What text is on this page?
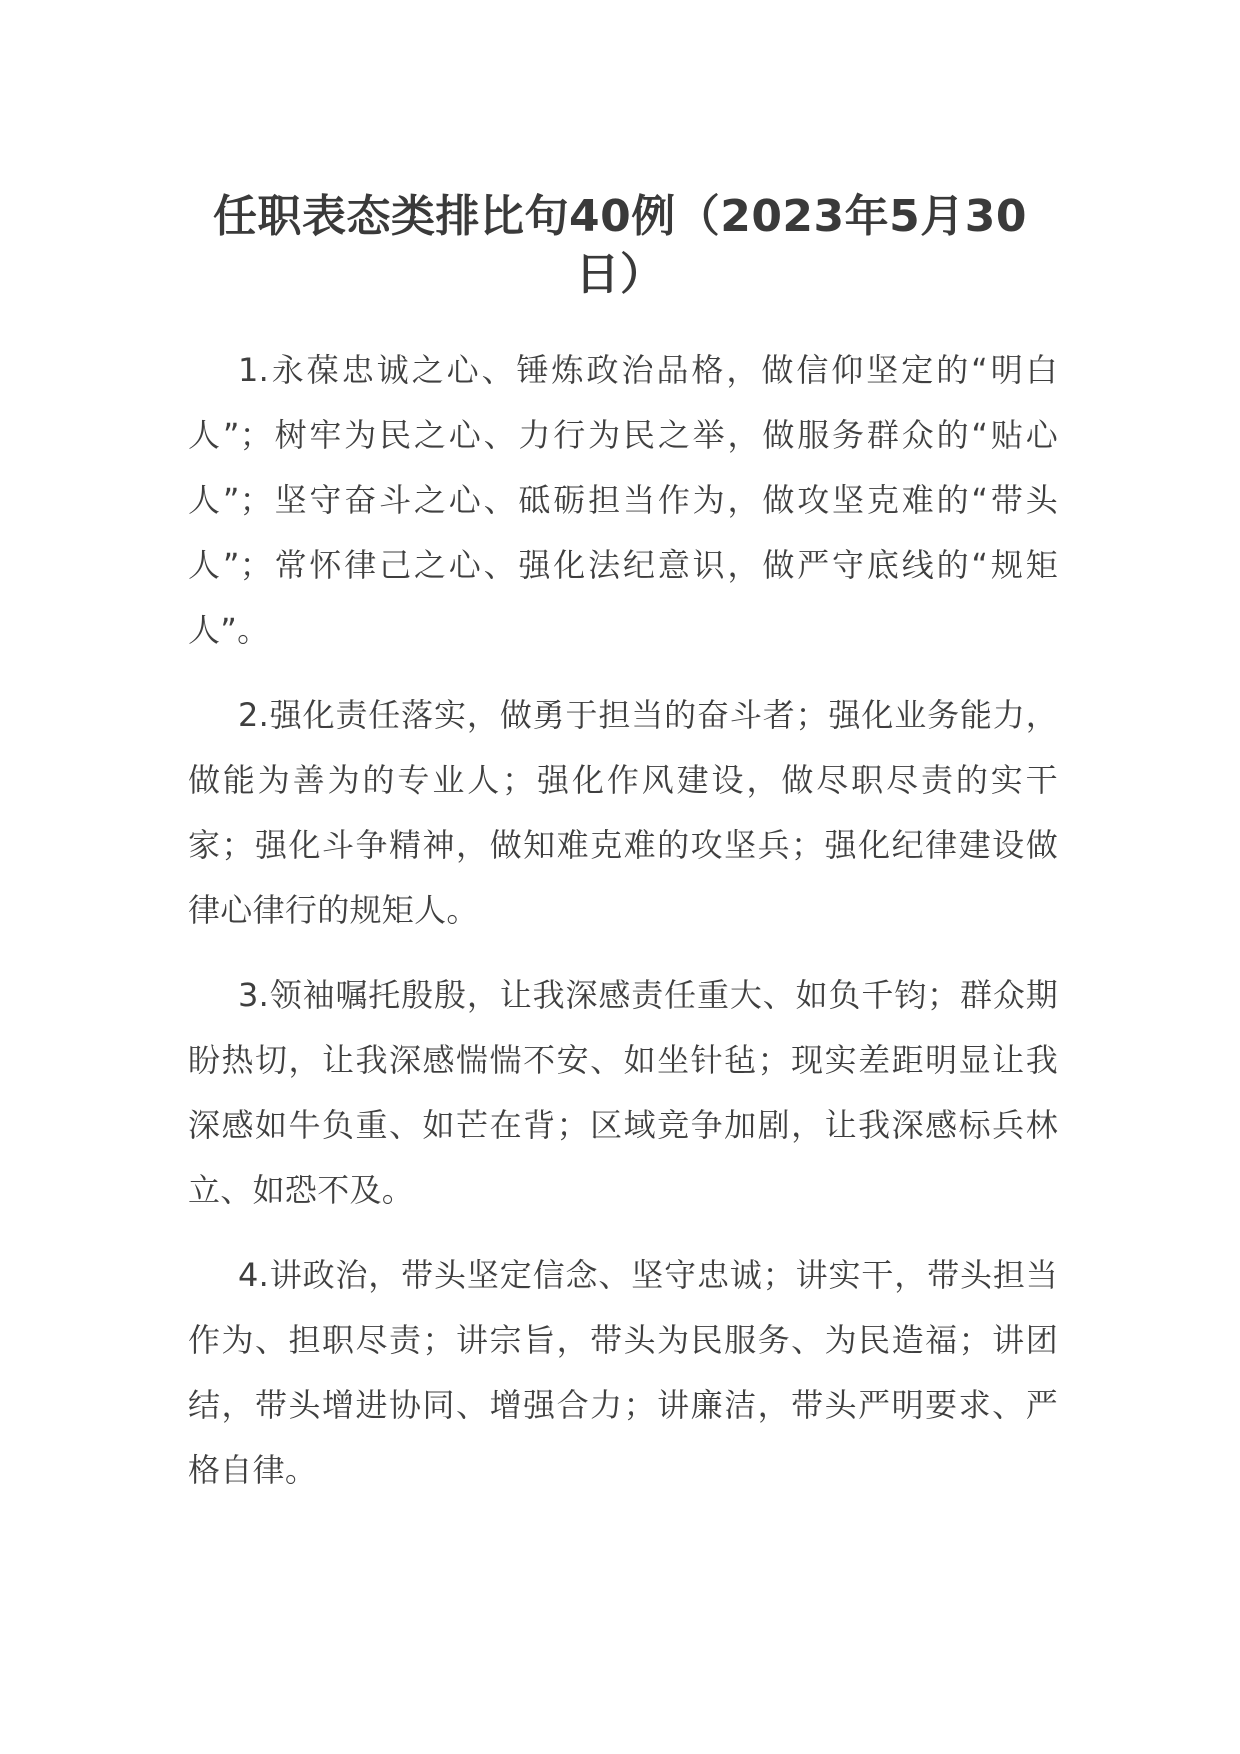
任职表态类排比句40例（2023年5月30日）

1.永葆忠诚之心、锤炼政治品格，做信仰坚定的“明白人”；树牢为民之心、力行为民之举，做服务群众的“贴心人”；坚守奋斗之心、砥砺担当作为，做攻坚克难的“带头人”；常怀律己之心、强化法纪意识，做严守底线的“规矩人”。

2.强化责任落实，做勇于担当的奋斗者；强化业务能力，做能为善为的专业人；强化作风建设，做尽职尽责的实干家；强化斗争精神，做知难克难的攻坚兵；强化纪律建设做律心律行的规矩人。

3.领袖嘱托殷殷，让我深感责任重大、如负千钧；群众期盼热切，让我深感惴惴不安、如坐针毡；现实差距明显让我深感如牛负重、如芒在背；区域竞争加剧，让我深感标兵林立、如恐不及。

4.讲政治，带头坚定信念、坚守忠诚；讲实干，带头担当作为、担职尽责；讲宗旨，带头为民服务、为民造福；讲团结，带头增进协同、增强合力；讲廉洁，带头严明要求、严格自律。
